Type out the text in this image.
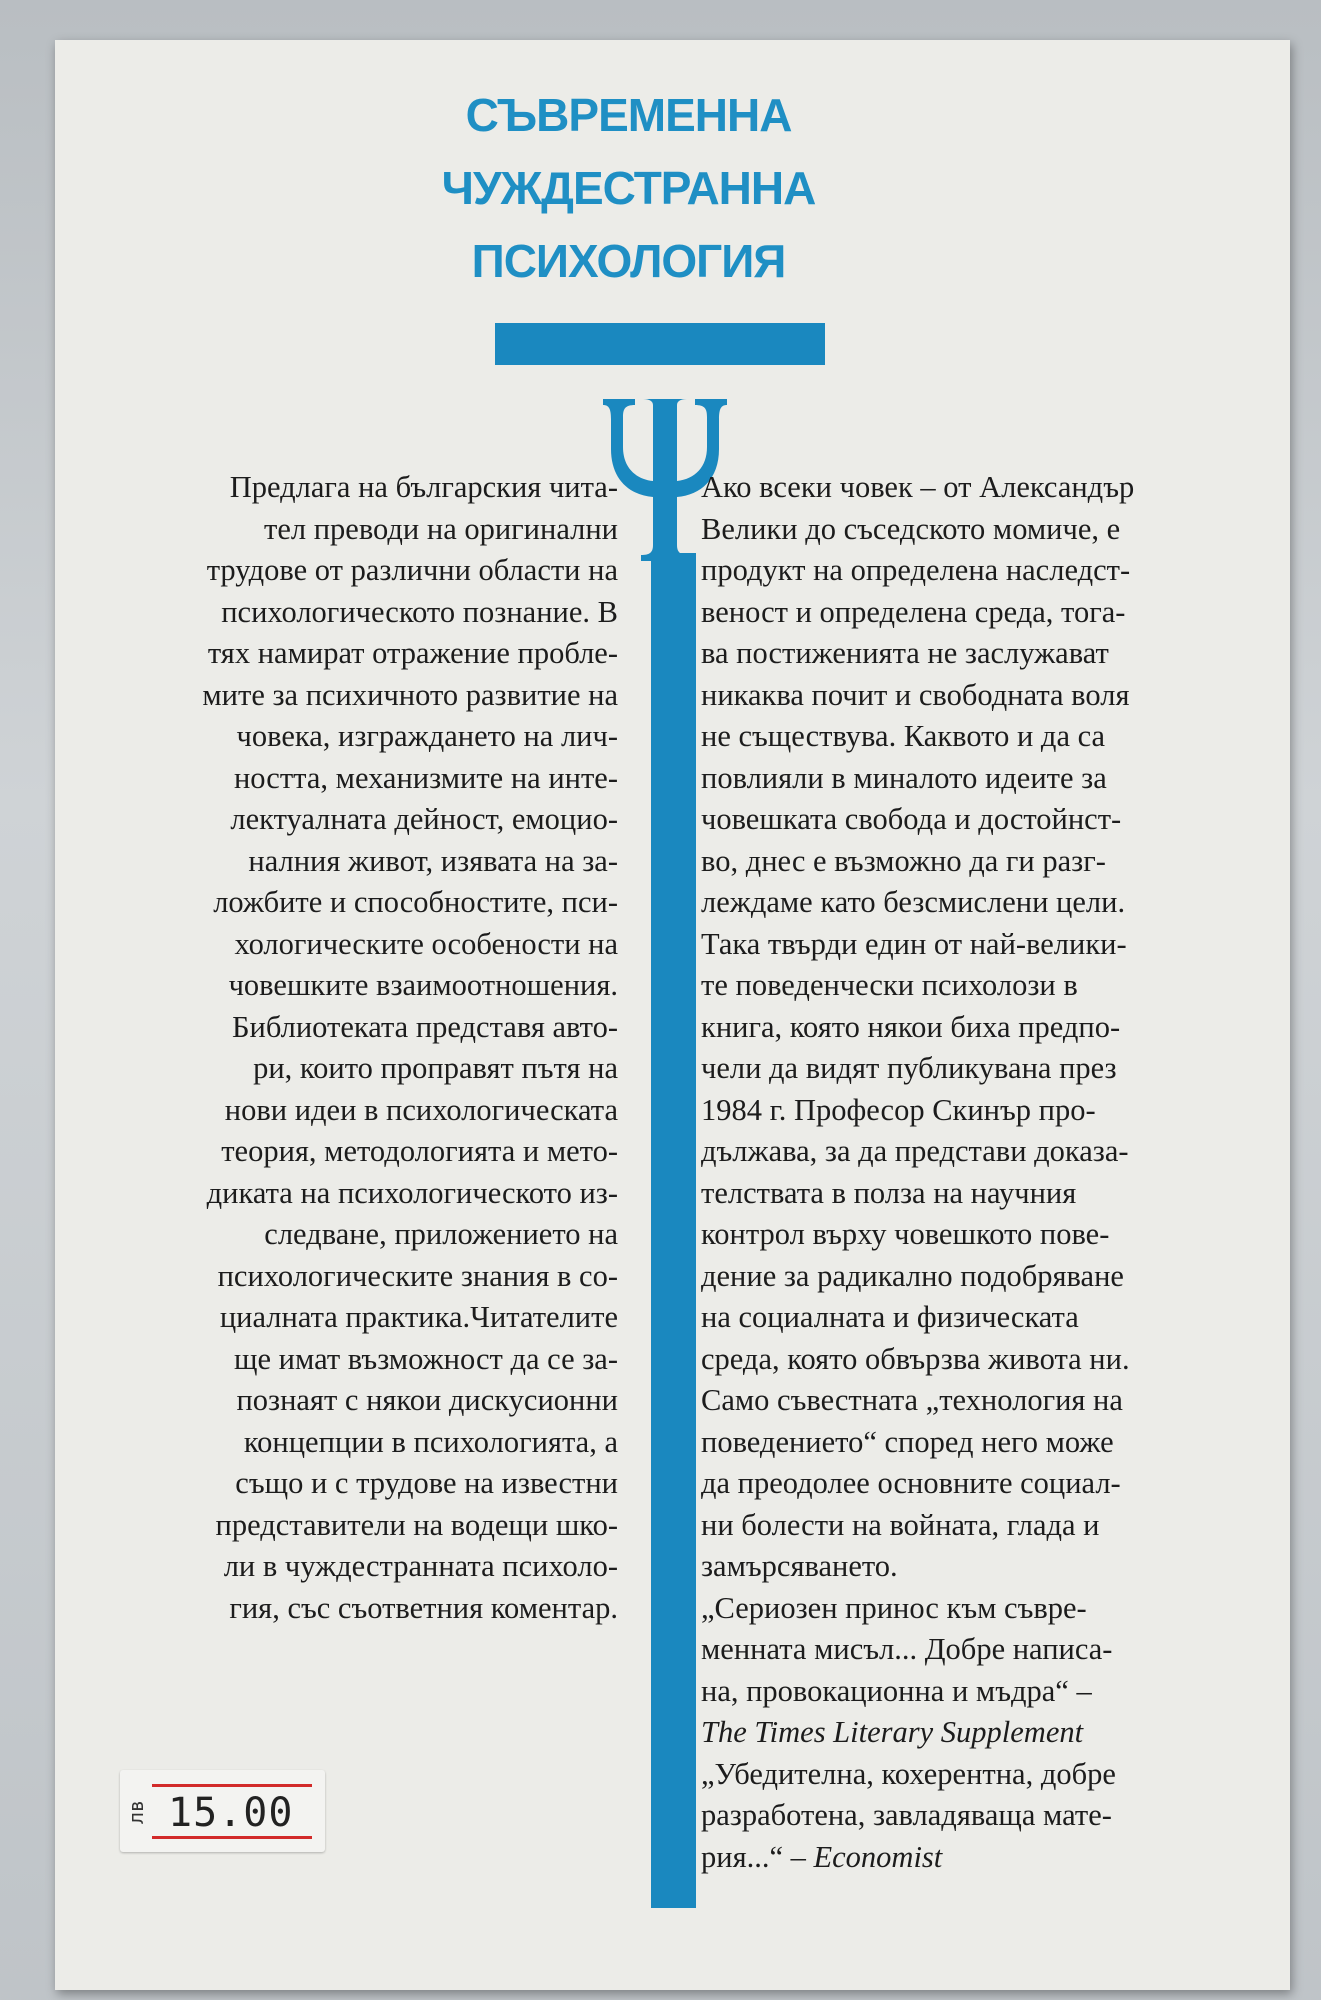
СЪВРЕМЕННА
ЧУЖДЕСТРАННА
ПСИХОЛОГИЯ
Предлага на българския чита-
тел преводи на оригинални
трудове от различни области на
психологическото познание. В
тях намират отражение пробле-
мите за психичното развитие на
човека, изграждането на лич-
ността, механизмите на инте-
лектуалната дейност, емоцио-
налния живот, изявата на за-
ложбите и способностите, пси-
хологическите особености на
човешките взаимоотношения.
Библиотеката представя авто-
ри, които проправят пътя на
нови идеи в психологическата
теория, методологията и мето-
диката на психологическото из-
следване, приложението на
психологическите знания в со-
циалната практика.Читателите
ще имат възможност да се за-
познаят с някои дискусионни
концепции в психологията, а
също и с трудове на известни
представители на водещи шко-
ли в чуждестранната психоло-
гия, със съответния коментар.
Ако всеки човек – от Александър
Велики до съседското момиче, е
продукт на определена наследст-
веност и определена среда, тога-
ва постиженията не заслужават
никаква почит и свободната воля
не съществува. Каквото и да са
повлияли в миналото идеите за
човешката свобода и достойнст-
во, днес е възможно да ги разг-
леждаме като безсмислени цели.
Така твърди един от най-велики-
те поведенчески психолози в
книга, която някои биха предпо-
чели да видят публикувана през
1984 г. Професор Скинър про-
дължава, за да представи доказа-
телствата в полза на научния
контрол върху човешкото пове-
дение за радикално подобряване
на социалната и физическата
среда, която обвързва живота ни.
Само съвестната „технология на
поведението“ според него може
да преодолее основните социал-
ни болести на войната, глада и
замърсяването.
„Сериозен принос към съвре-
менната мисъл... Добре написа-
на, провокационна и мъдра“ –
The Times Literary Supplement
„Убедителна, кохерентна, добре
разработена, завладяваща мате-
рия...“ – Economist
лв 15.00
